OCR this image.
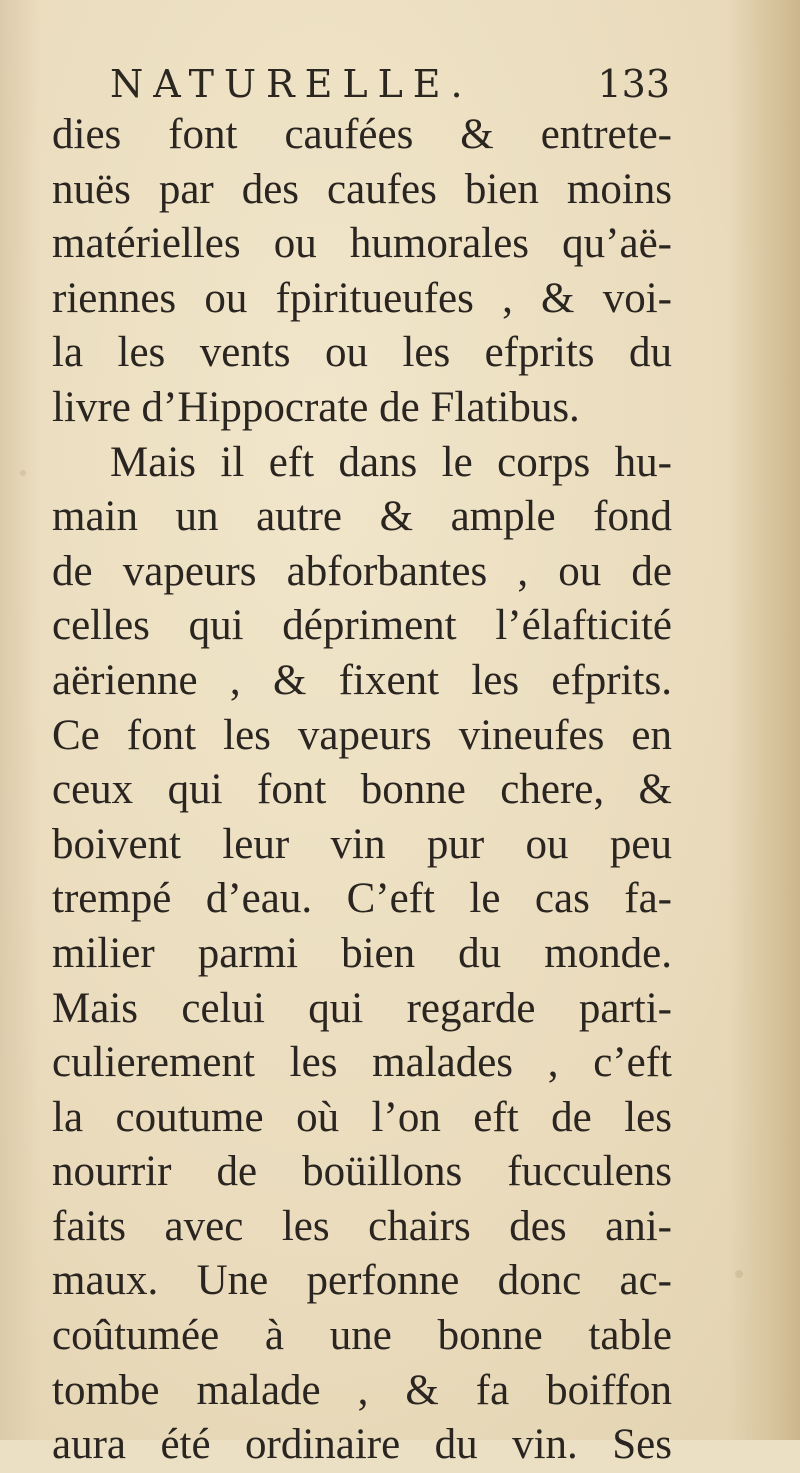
NATURELLE.	133
dies font caufées & entrete-
nuës par des caufes bien moins
matérielles ou humorales qu’aë-
riennes ou fpiritueufes , & voi-
la les vents ou les efprits du
livre d’Hippocrate de Flatibus.
Mais il eft dans le corps hu-
main un autre & ample fond
de vapeurs abforbantes , ou de
celles qui dépriment l’élafticité
aërienne , & fixent les efprits.
Ce font les vapeurs vineufes en
ceux qui font bonne chere, &
boivent leur vin pur ou peu
trempé d’eau. C’eft le cas fa-
milier parmi bien du monde.
Mais celui qui regarde parti-
culierement les malades , c’eft
la coutume où l’on eft de les
nourrir de boüillons fucculens
faits avec les chairs des ani-
maux. Une perfonne donc ac-
coûtumée à une bonne table
tombe malade , & fa boiffon
aura été ordinaire du vin. Ses
